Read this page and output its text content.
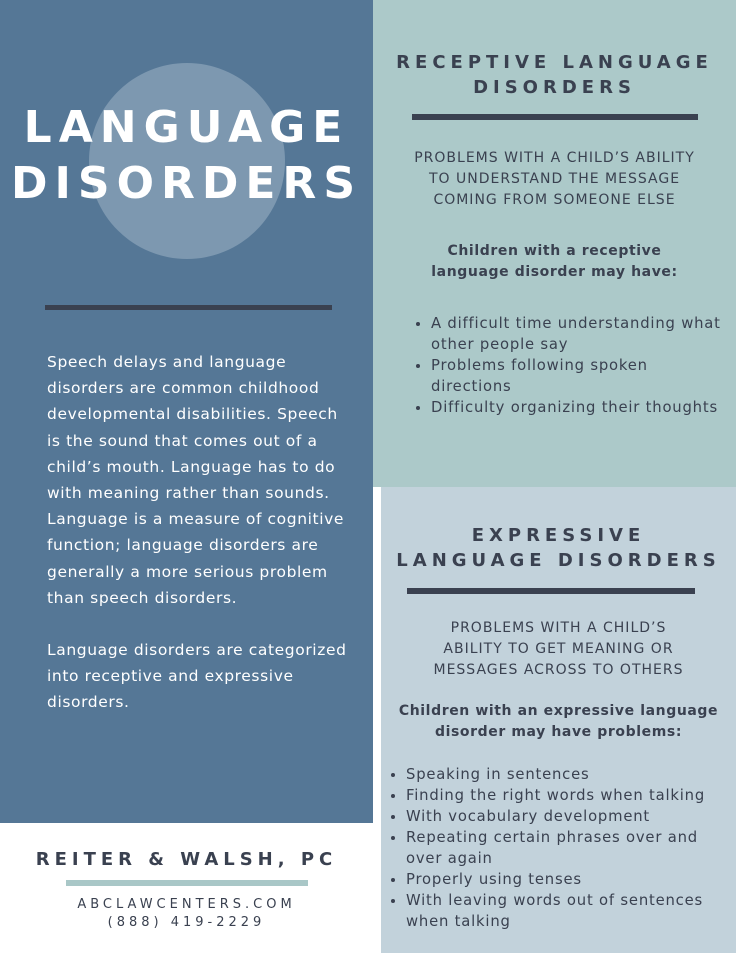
LANGUAGE
DISORDERS

Speech delays and language disorders are common childhood developmental disabilities. Speech is the sound that comes out of a child’s mouth. Language has to do with meaning rather than sounds. Language is a measure of cognitive function; language disorders are generally a more serious problem than speech disorders.

Language disorders are categorized into receptive and expressive disorders.

REITER & WALSH, PC
ABCLAWCENTERS.COM
(888) 419-2229
RECEPTIVE LANGUAGE
DISORDERS
PROBLEMS WITH A CHILD’S ABILITY
TO UNDERSTAND THE MESSAGE
COMING FROM SOMEONE ELSE
Children with a receptive
language disorder may have:
• A difficult time understanding what other people say
• Problems following spoken directions
• Difficulty organizing their thoughts
EXPRESSIVE
LANGUAGE DISORDERS
PROBLEMS WITH A CHILD’S
ABILITY TO GET MEANING OR
MESSAGES ACROSS TO OTHERS
Children with an expressive language
disorder may have problems:
• Speaking in sentences
• Finding the right words when talking
• With vocabulary development
• Repeating certain phrases over and over again
• Properly using tenses
• With leaving words out of sentences when talking
